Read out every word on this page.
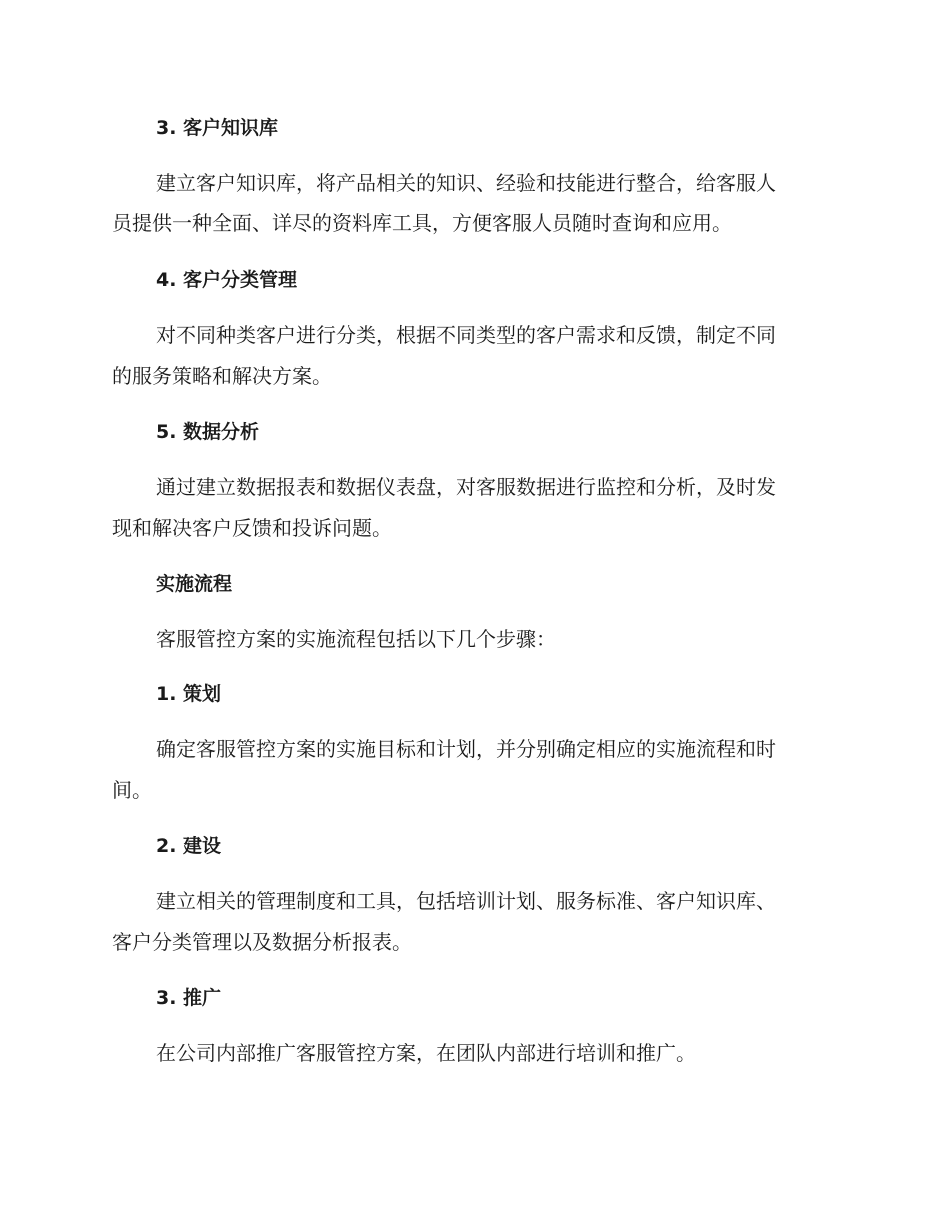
3. 客户知识库
建立客户知识库，将产品相关的知识、经验和技能进行整合，给客服人
员提供一种全面、详尽的资料库工具，方便客服人员随时查询和应用。
4. 客户分类管理
对不同种类客户进行分类，根据不同类型的客户需求和反馈，制定不同
的服务策略和解决方案。
5. 数据分析
通过建立数据报表和数据仪表盘，对客服数据进行监控和分析，及时发
现和解决客户反馈和投诉问题。
实施流程
客服管控方案的实施流程包括以下几个步骤：
1. 策划
确定客服管控方案的实施目标和计划，并分别确定相应的实施流程和时
间。
2. 建设
建立相关的管理制度和工具，包括培训计划、服务标准、客户知识库、
客户分类管理以及数据分析报表。
3. 推广
在公司内部推广客服管控方案，在团队内部进行培训和推广。
